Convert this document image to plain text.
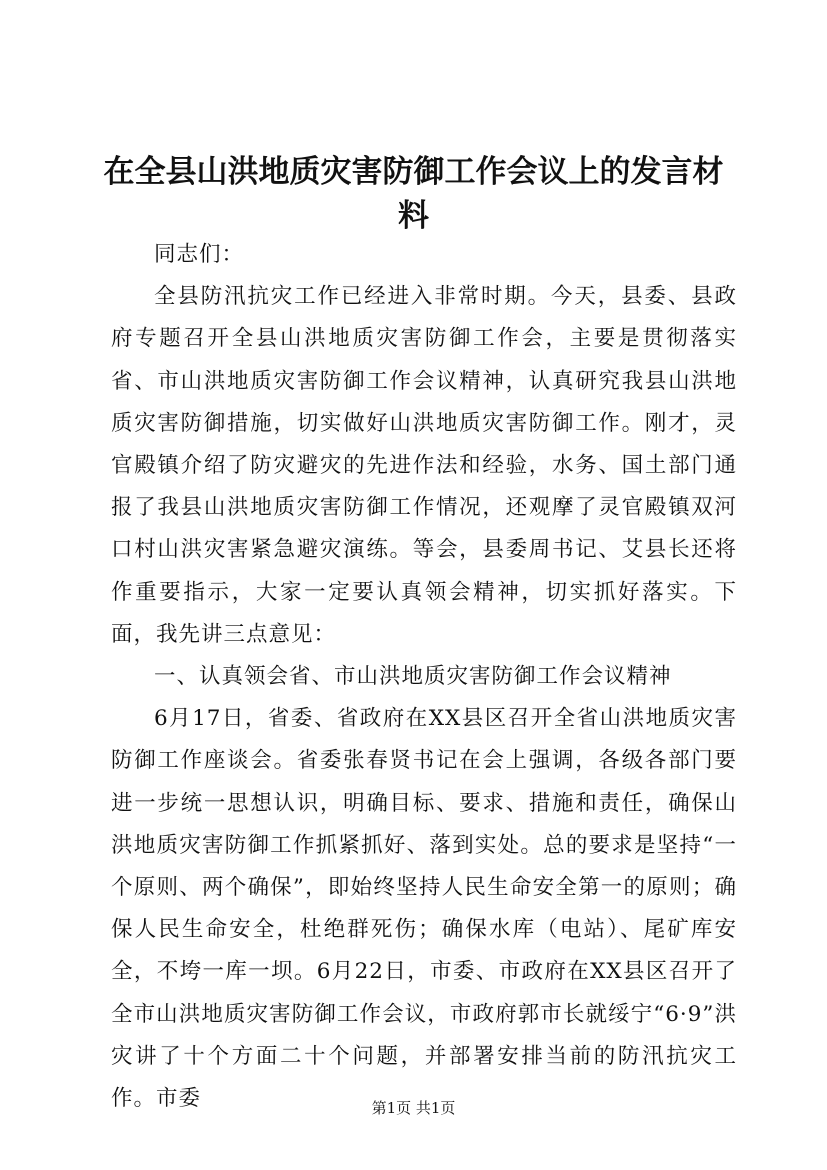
在全县山洪地质灾害防御工作会议上的发言材料

同志们：

全县防汛抗灾工作已经进入非常时期。今天，县委、县政府专题召开全县山洪地质灾害防御工作会，主要是贯彻落实省、市山洪地质灾害防御工作会议精神，认真研究我县山洪地质灾害防御措施，切实做好山洪地质灾害防御工作。刚才，灵官殿镇介绍了防灾避灾的先进作法和经验，水务、国土部门通报了我县山洪地质灾害防御工作情况，还观摩了灵官殿镇双河口村山洪灾害紧急避灾演练。等会，县委周书记、艾县长还将作重要指示，大家一定要认真领会精神，切实抓好落实。下面，我先讲三点意见：

一、认真领会省、市山洪地质灾害防御工作会议精神

6月17日，省委、省政府在XX县区召开全省山洪地质灾害防御工作座谈会。省委张春贤书记在会上强调，各级各部门要进一步统一思想认识，明确目标、要求、措施和责任，确保山洪地质灾害防御工作抓紧抓好、落到实处。总的要求是坚持“一个原则、两个确保”，即始终坚持人民生命安全第一的原则；确保人民生命安全，杜绝群死伤；确保水库（电站）、尾矿库安全，不垮一库一坝。6月22日，市委、市政府在XX县区召开了全市山洪地质灾害防御工作会议，市政府郭市长就绥宁“6·9”洪灾讲了十个方面二十个问题，并部署安排当前的防汛抗灾工作。市委	第1页 共1页
